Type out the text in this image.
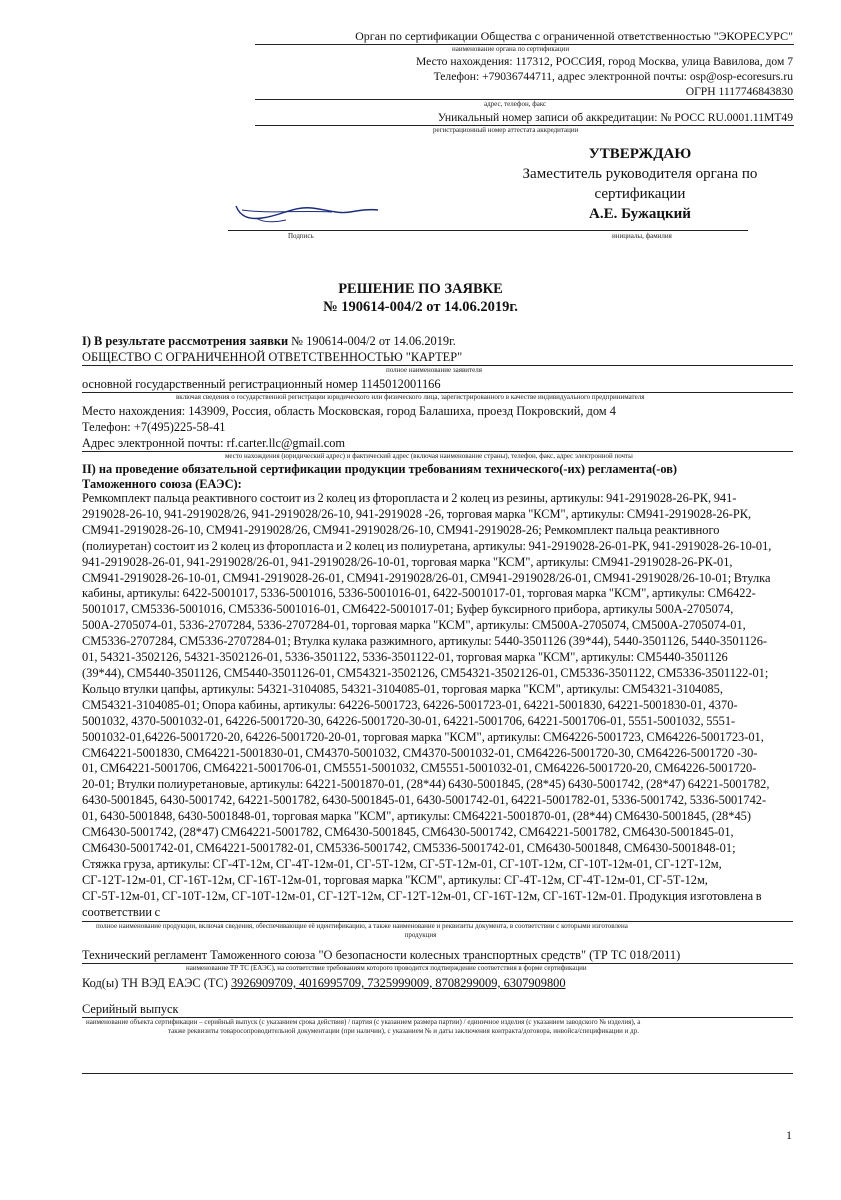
Орган по сертификации Общества с ограниченной ответственностью "ЭКОРЕСУРС"
наименование органа по сертификации
Место нахождения: 117312, РОССИЯ, город Москва, улица Вавилова, дом 7
Телефон: +79036744711, адрес электронной почты: osp@osp-ecoresurs.ru
ОГРН 1117746843830
адрес, телефон, факс
Уникальный номер записи об аккредитации: № РОСС RU.0001.11МТ49
регистрационный номер аттестата аккредитации
УТВЕРЖДАЮ
Заместитель руководителя органа по
сертификации
А.Е. Бужацкий
Подпись	инициалы, фамилия
РЕШЕНИЕ ПО ЗАЯВКЕ
№ 190614-004/2 от 14.06.2019г.
I) В результате рассмотрения заявки № 190614-004/2 от 14.06.2019г.
ОБЩЕСТВО С ОГРАНИЧЕННОЙ ОТВЕТСТВЕННОСТЬЮ "КАРТЕР"
полное наименование заявителя
основной государственный регистрационный номер 1145012001166
включая сведения о государственной регистрации юридического или физического лица, зарегистрированного в качестве индивидуального предпринимателя
Место нахождения: 143909, Россия, область Московская, город Балашиха, проезд Покровский, дом 4
Телефон: +7(495)225-58-41
Адрес электронной почты: rf.carter.llc@gmail.com
место нахождения (юридический адрес) и фактический адрес (включая наименование страны), телефон, факс, адрес электронной почты
II) на проведение обязательной сертификации продукции требованиям технического(-их) регламента(-ов)
Таможенного союза (ЕАЭС):
Ремкомплект пальца реактивного состоит из 2 колец из фторопласта и 2 колец из резины, артикулы: 941-2919028-26-РК, 941-2919028-26-10, 941-2919028/26, 941-2919028/26-10, 941-2919028 -26, торговая марка "КСМ", артикулы: СМ941-2919028-26-РК, СМ941-2919028-26-10, СМ941-2919028/26, СМ941-2919028/26-10, СМ941-2919028-26; Ремкомплект пальца реактивного (полиуретан) состоит из 2 колец из фторопласта и 2 колец из полиуретана, артикулы: 941-2919028-26-01-РК, 941-2919028-26-10-01, 941-2919028-26-01, 941-2919028/26-01, 941-2919028/26-10-01, торговая марка "КСМ", артикулы: СМ941-2919028-26-РК-01, СМ941-2919028-26-10-01, СМ941-2919028-26-01, СМ941-2919028/26-01, СМ941-2919028/26-01, СМ941-2919028/26-10-01; Втулка кабины, артикулы: 6422-5001017, 5336-5001016, 5336-5001016-01, 6422-5001017-01, торговая марка "КСМ", артикулы: СМ6422-5001017, СМ5336-5001016, СМ5336-5001016-01, СМ6422-5001017-01; Буфер буксирного прибора, артикулы 500А-2705074, 500А-2705074-01, 5336-2707284, 5336-2707284-01, торговая марка "КСМ", артикулы: СМ500А-2705074, СМ500А-2705074-01, СМ5336-2707284, СМ5336-2707284-01; Втулка кулака разжимного, артикулы: 5440-3501126 (39*44), 5440-3501126, 5440-3501126-01, 54321-3502126, 54321-3502126-01, 5336-3501122, 5336-3501122-01, торговая марка "КСМ", артикулы: СМ5440-3501126 (39*44), СМ5440-3501126, СМ5440-3501126-01, СМ54321-3502126, СМ54321-3502126-01, СМ5336-3501122, СМ5336-3501122-01; Кольцо втулки цапфы, артикулы: 54321-3104085, 54321-3104085-01, торговая марка "КСМ", артикулы: СМ54321-3104085, СМ54321-3104085-01; Опора кабины, артикулы: 64226-5001723, 64226-5001723-01, 64221-5001830, 64221-5001830-01, 4370-5001032, 4370-5001032-01, 64226-5001720-30, 64226-5001720-30-01, 64221-5001706, 64221-5001706-01, 5551-5001032, 5551-5001032-01,64226-5001720-20, 64226-5001720-20-01, торговая марка "КСМ", артикулы: СМ64226-5001723, СМ64226-5001723-01, СМ64221-5001830, СМ64221-5001830-01, СМ4370-5001032, СМ4370-5001032-01, СМ64226-5001720-30, СМ64226-5001720 -30-01, СМ64221-5001706, СМ64221-5001706-01, СМ5551-5001032, СМ5551-5001032-01, СМ64226-5001720-20, СМ64226-5001720-20-01; Втулки полиуретановые, артикулы: 64221-5001870-01, (28*44) 6430-5001845, (28*45) 6430-5001742, (28*47) 64221-5001782, 6430-5001845, 6430-5001742, 64221-5001782, 6430-5001845-01, 6430-5001742-01, 64221-5001782-01, 5336-5001742, 5336-5001742-01, 6430-5001848, 6430-5001848-01, торговая марка "КСМ", артикулы: СМ64221-5001870-01, (28*44) СМ6430-5001845, (28*45) СМ6430-5001742, (28*47) СМ64221-5001782, СМ6430-5001845, СМ6430-5001742, СМ64221-5001782, СМ6430-5001845-01, СМ6430-5001742-01, СМ64221-5001782-01, СМ5336-5001742, СМ5336-5001742-01, СМ6430-5001848, СМ6430-5001848-01; Стяжка груза, артикулы: СГ-4Т-12м, СГ-4Т-12м-01, СГ-5Т-12м, СГ-5Т-12м-01, СГ-10Т-12м, СГ-10Т-12м-01, СГ-12Т-12м, СГ-12Т-12м-01, СГ-16Т-12м, СГ-16Т-12м-01, торговая марка "КСМ", артикулы: СГ-4Т-12м, СГ-4Т-12м-01, СГ-5Т-12м, СГ-5Т-12м-01, СГ-10Т-12м, СГ-10Т-12м-01, СГ-12Т-12м, СГ-12Т-12м-01, СГ-16Т-12м, СГ-16Т-12м-01. Продукция изготовлена в соответствии с
полное наименование продукции, включая сведения, обеспечивающие её идентификацию, а также наименование и реквизиты документа, в соответствии с которыми изготовлена
продукция
Технический регламент Таможенного союза "О безопасности колесных транспортных средств" (ТР ТС 018/2011)
наименование ТР ТС (ЕАЭС), на соответствие требованиям которого проводится подтверждение соответствия в форме сертификации
Код(ы) ТН ВЭД ЕАЭС (ТС) 3926909709, 4016995709, 7325999009, 8708299009, 6307909800
Серийный выпуск
наименование объекта сертификации – серийный выпуск (с указанием срока действия) / партия (с указанием размера партии) / единичное изделия (с указанием заводского № изделия), а
также реквизиты товаросопроводительной документации (при наличии), с указанием № и даты заключения контракта/договора, инвойса/спецификации и др.
1
